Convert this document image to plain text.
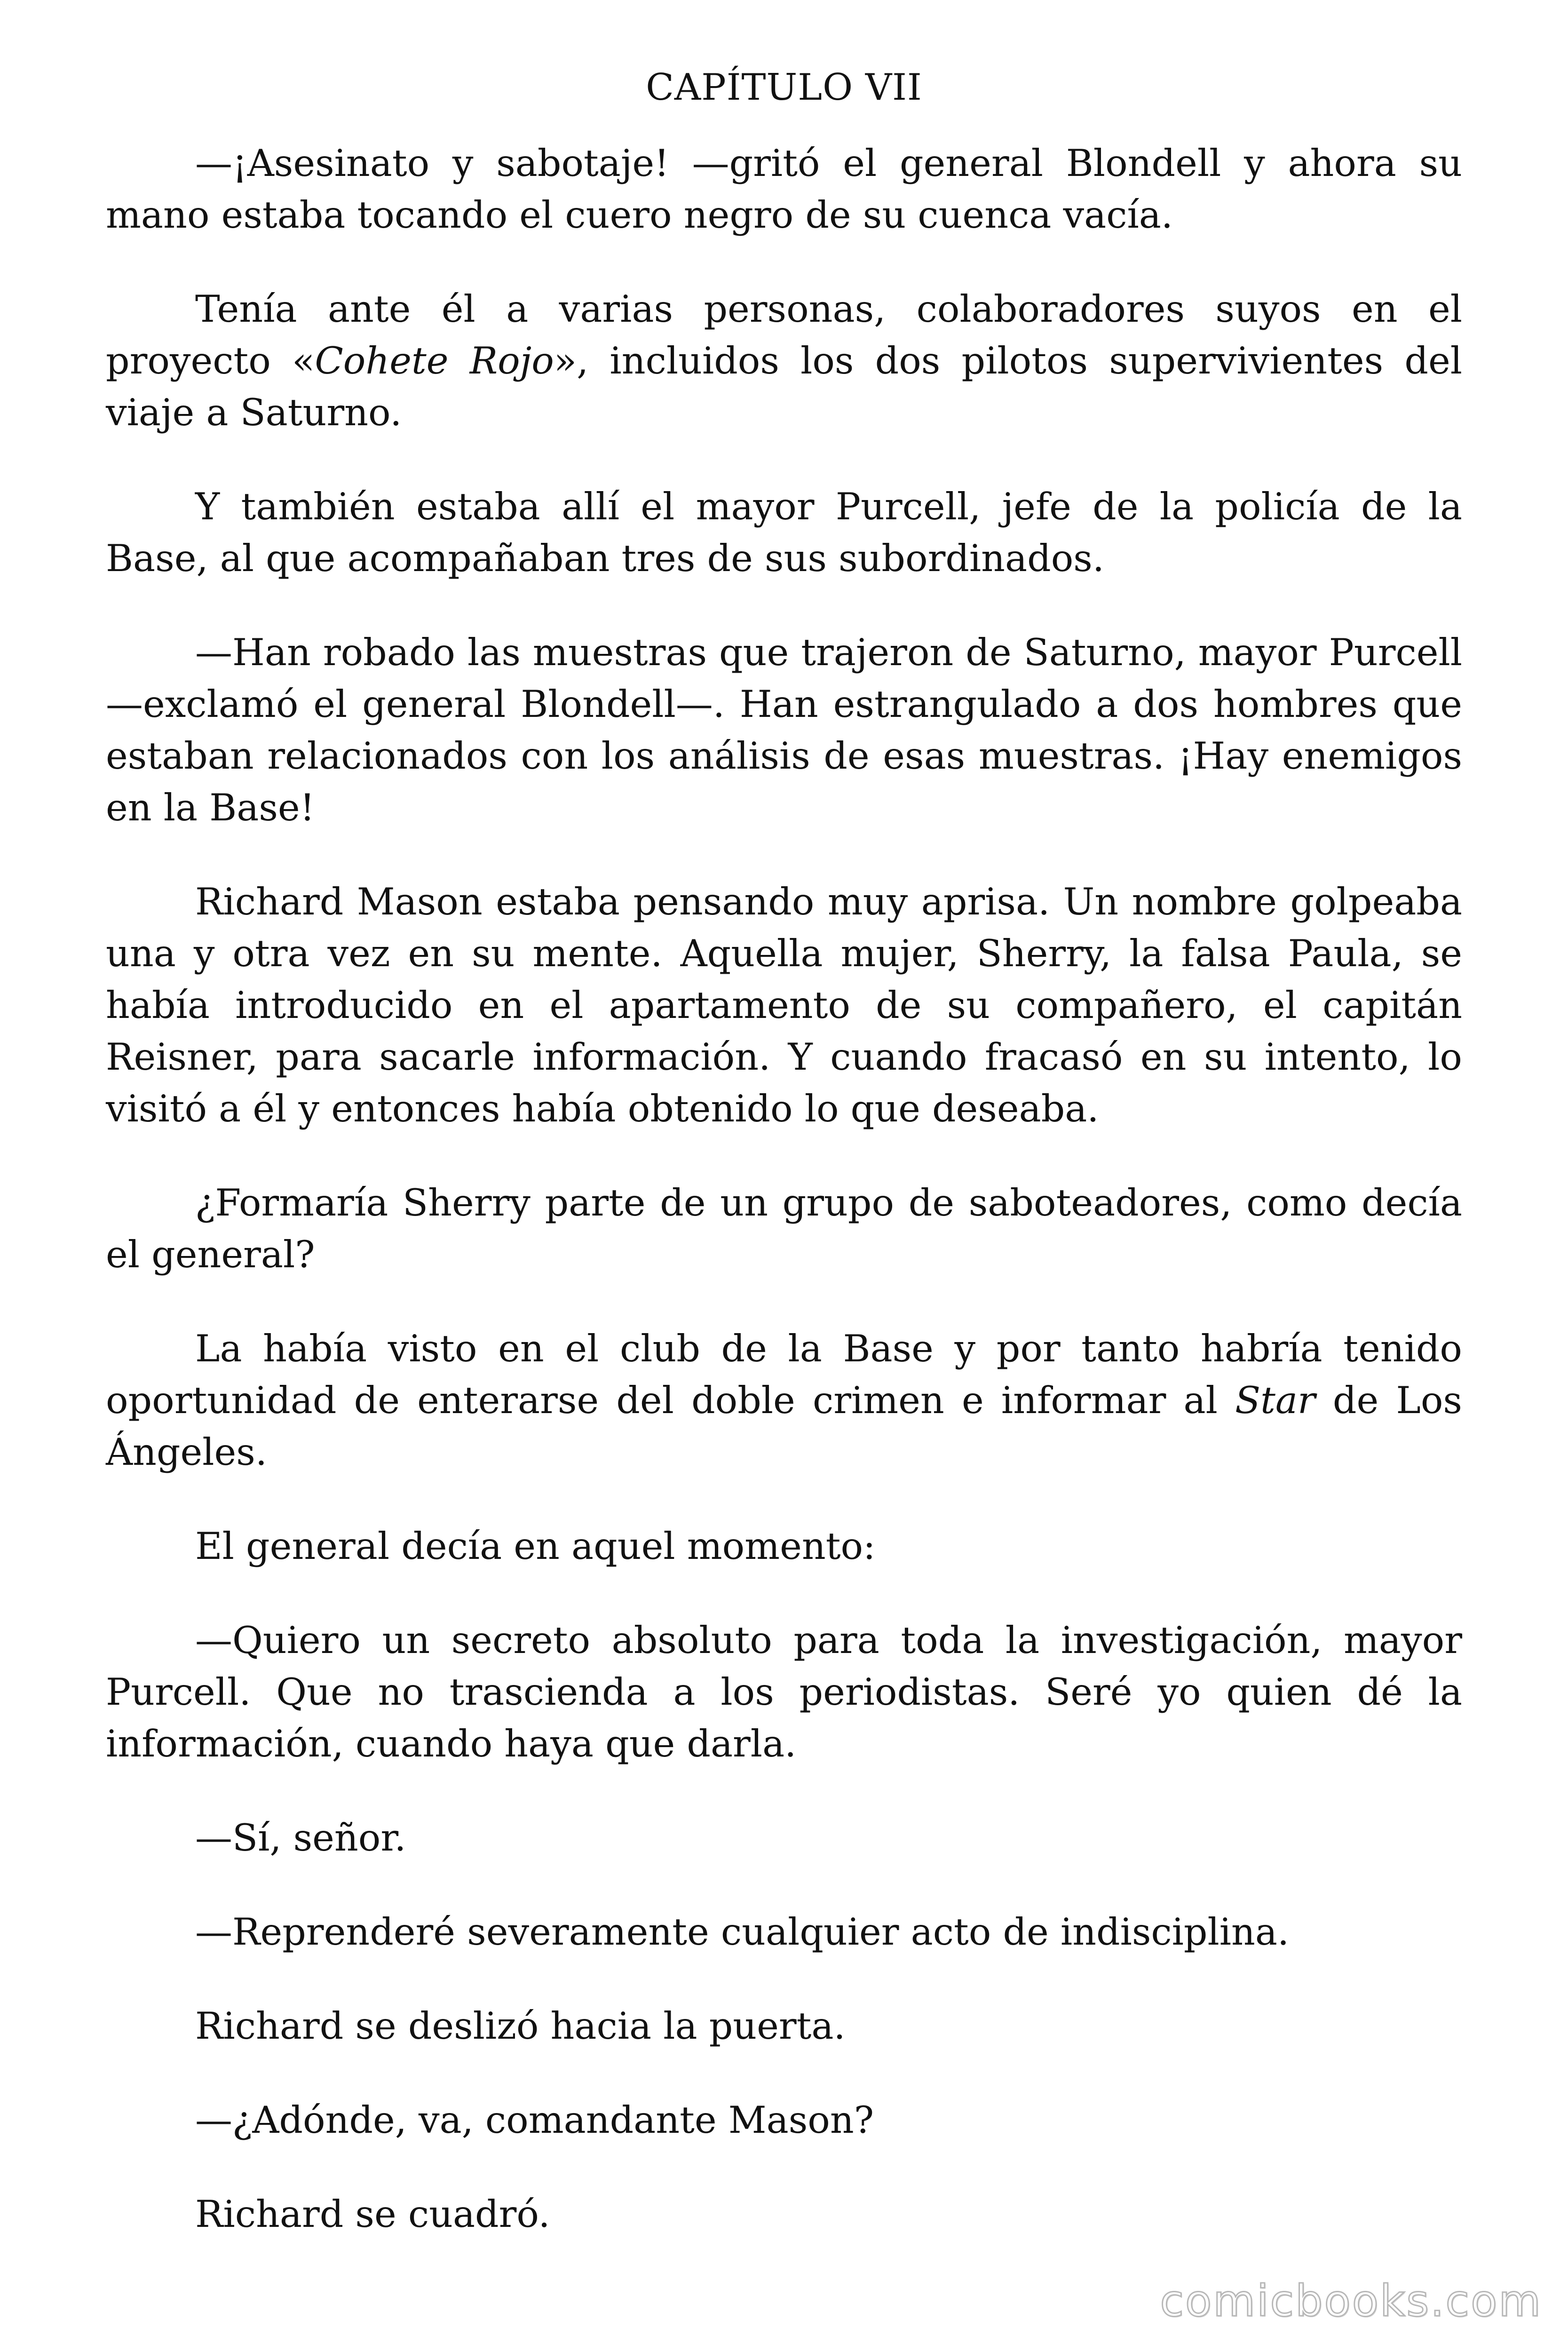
CAPÍTULO VII

—¡Asesinato y sabotaje! —gritó el general Blondell y ahora su mano estaba tocando el cuero negro de su cuenca vacía.

Tenía ante él a varias personas, colaboradores suyos en el proyecto «Cohete Rojo», incluidos los dos pilotos supervivientes del viaje a Saturno.

Y también estaba allí el mayor Purcell, jefe de la policía de la Base, al que acompañaban tres de sus subordinados.

—Han robado las muestras que trajeron de Saturno, mayor Purcell —exclamó el general Blondell—. Han estrangulado a dos hombres que estaban relacionados con los análisis de esas muestras. ¡Hay enemigos en la Base!

Richard Mason estaba pensando muy aprisa. Un nombre golpeaba una y otra vez en su mente. Aquella mujer, Sherry, la falsa Paula, se había introducido en el apartamento de su compañero, el capitán Reisner, para sacarle información. Y cuando fracasó en su intento, lo visitó a él y entonces había obtenido lo que deseaba.

¿Formaría Sherry parte de un grupo de saboteadores, como decía el general?

La había visto en el club de la Base y por tanto habría tenido oportunidad de enterarse del doble crimen e informar al Star de Los Ángeles.

El general decía en aquel momento:

—Quiero un secreto absoluto para toda la investigación, mayor Purcell. Que no trascienda a los periodistas. Seré yo quien dé la información, cuando haya que darla.

—Sí, señor.

—Reprenderé severamente cualquier acto de indisciplina.

Richard se deslizó hacia la puerta.

—¿Adónde, va, comandante Mason?

Richard se cuadró.

comicbooks.com
